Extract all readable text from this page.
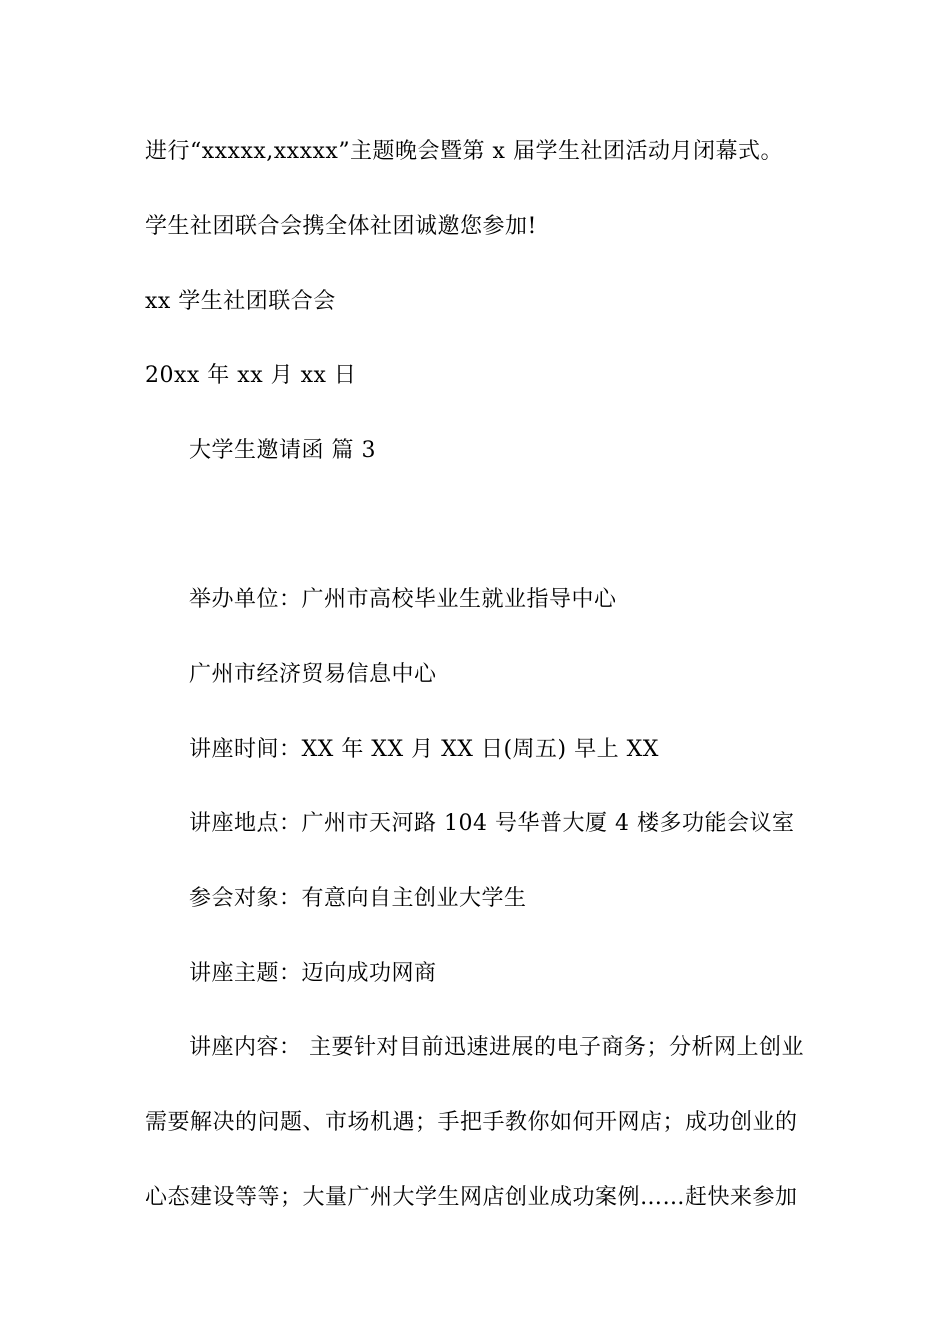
进行“xxxxx,xxxxx”主题晚会暨第 x 届学生社团活动月闭幕式。
学生社团联合会携全体社团诚邀您参加!
xx 学生社团联合会
20xx 年 xx 月 xx 日
大学生邀请函 篇 3
举办单位：广州市高校毕业生就业指导中心
广州市经济贸易信息中心
讲座时间：XX 年 XX 月 XX 日(周五) 早上 XX
讲座地点：广州市天河路 104 号华普大厦 4 楼多功能会议室
参会对象：有意向自主创业大学生
讲座主题：迈向成功网商
讲座内容： 主要针对目前迅速进展的电子商务；分析网上创业
需要解决的问题、市场机遇；手把手教你如何开网店；成功创业的
心态建设等等；大量广州大学生网店创业成功案例……赶快来参加
